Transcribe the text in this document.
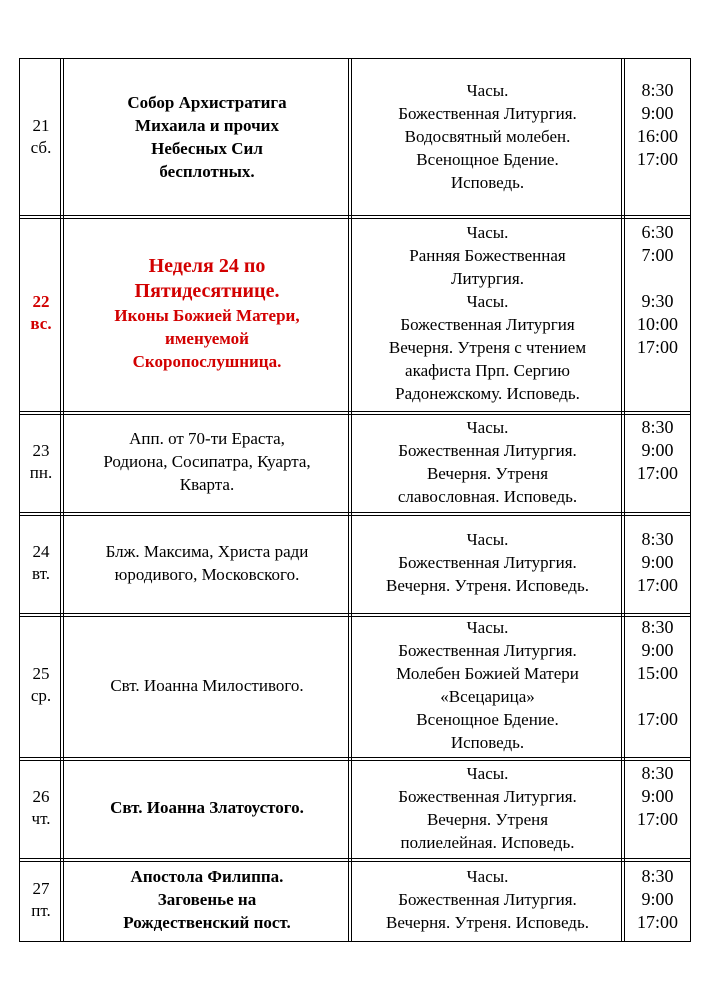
21
сб.
Собор Архистратига
Михаила и прочих
Небесных Сил
бесплотных.
Часы.
Божественная Литургия.
Водосвятный молебен.
Всенощное Бдение.
Исповедь.
8:30
9:00
16:00
17:00

22
вс.
Неделя 24 по
Пятидесятнице.
Иконы Божией Матери,
именуемой
Скоропослушница.
Часы.
Ранняя Божественная
Литургия.
Часы.
Божественная Литургия
Вечерня. Утреня с чтением
акафиста Прп. Сергию
Радонежскому. Исповедь.
6:30
7:00

9:30
10:00
17:00

23
пн.
Апп. от 70-ти Ераста,
Родиона, Сосипатра, Куарта,
Кварта.
Часы.
Божественная Литургия.
Вечерня. Утреня
славословная. Исповедь.
8:30
9:00
17:00

24
вт.
Блж. Максима, Христа ради
юродивого, Московского.
Часы.
Божественная Литургия.
Вечерня. Утреня. Исповедь.
8:30
9:00
17:00
25
ср.
Свт. Иоанна Милостивого.
Часы.
Божественная Литургия.
Молебен Божией Матери
«Всецарица»
Всенощное Бдение.
Исповедь.
8:30
9:00
15:00

17:00

26
чт.
Свт. Иоанна Златоустого.
Часы.
Божественная Литургия.
Вечерня. Утреня
полиелейная. Исповедь.
8:30
9:00
17:00

27
пт.
Апостола Филиппа.
Заговенье на
Рождественский пост.
Часы.
Божественная Литургия.
Вечерня. Утреня. Исповедь.
8:30
9:00
17:00
